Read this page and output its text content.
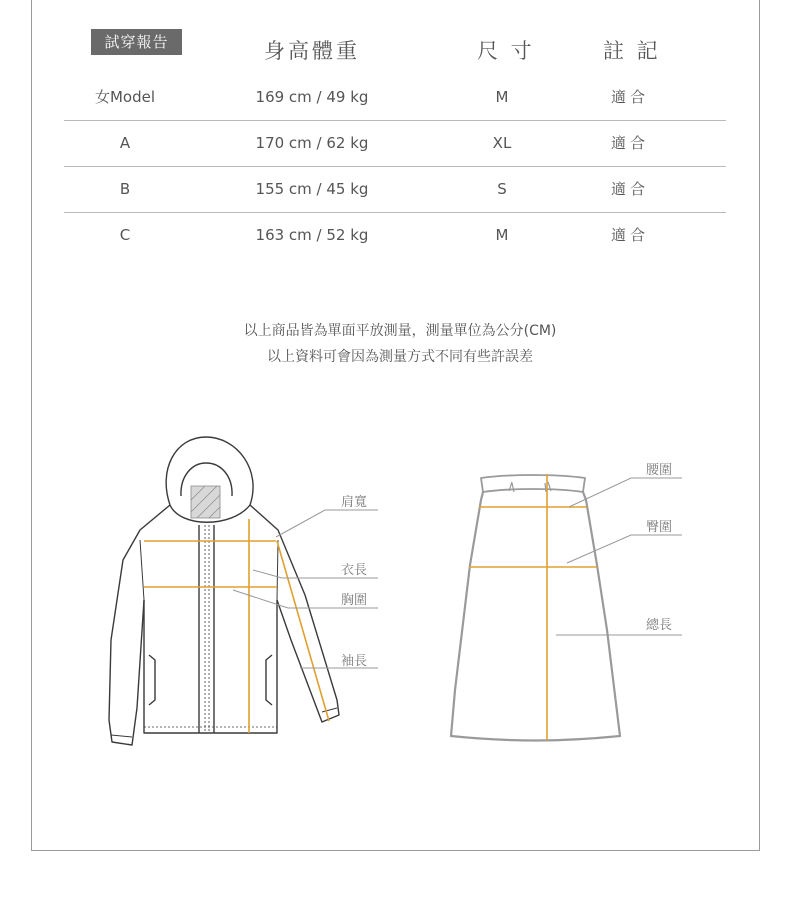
試穿報告	身高體重	尺 寸	註 記
女Model	169 cm / 49 kg	M	適合
A	170 cm / 62 kg	XL	適合
B	155 cm / 45 kg	S	適合
C	163 cm / 52 kg	M	適合
以上商品皆為單面平放測量，測量單位為公分(CM)
以上資料可會因為測量方式不同有些許誤差
肩寬
衣長
胸圍
袖長
腰圍
臀圍
總長
